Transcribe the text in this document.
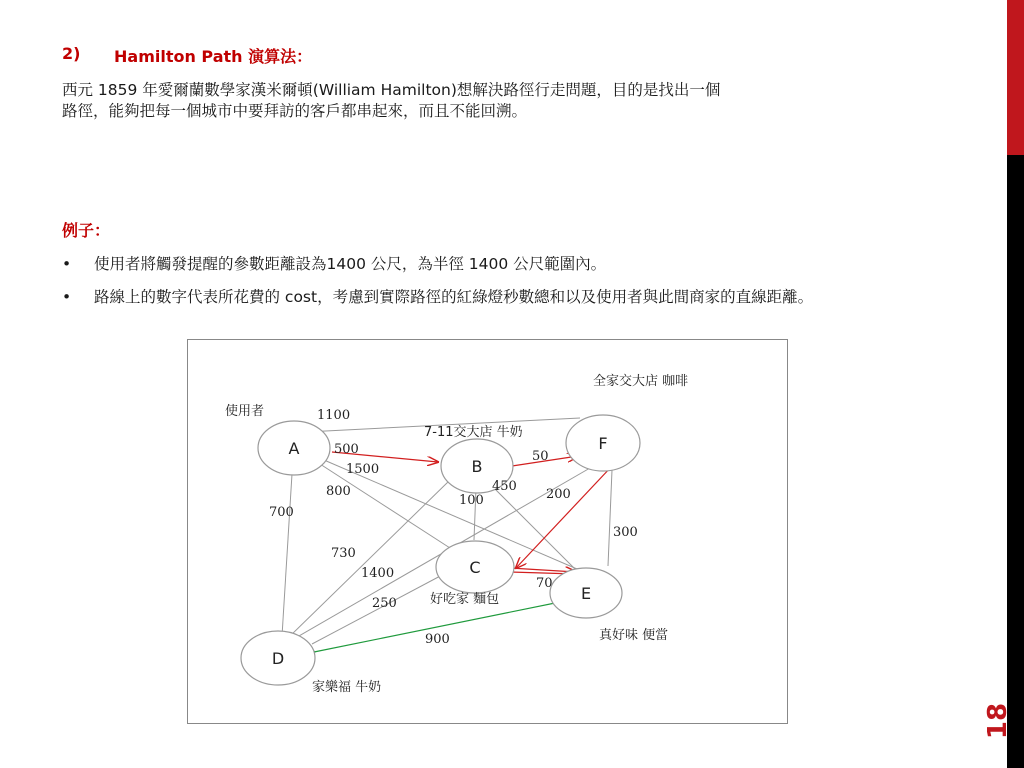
2) Hamilton Path 演算法：
西元 1859 年愛爾蘭數學家漢米爾頓(William Hamilton)想解決路徑行走問題，目的是找出一個
路徑，能夠把每一個城市中要拜訪的客戶都串起來，而且不能回溯。
例子：
• 使用者將觸發提醒的參數距離設為1400 公尺，為半徑 1400 公尺範圍內。
• 路線上的數字代表所花費的 cost，考慮到實際路徑的紅綠燈秒數總和以及使用者與此間商家的直線距離。
A
B
F
C
E
D
使用者
7-11交大店 牛奶
全家交大店 咖啡
好吃家 麵包
真好味 便當
家樂福 牛奶
1100
500
1500
800
700
50
100
450
730
1400
200
300
70
250
900
18
